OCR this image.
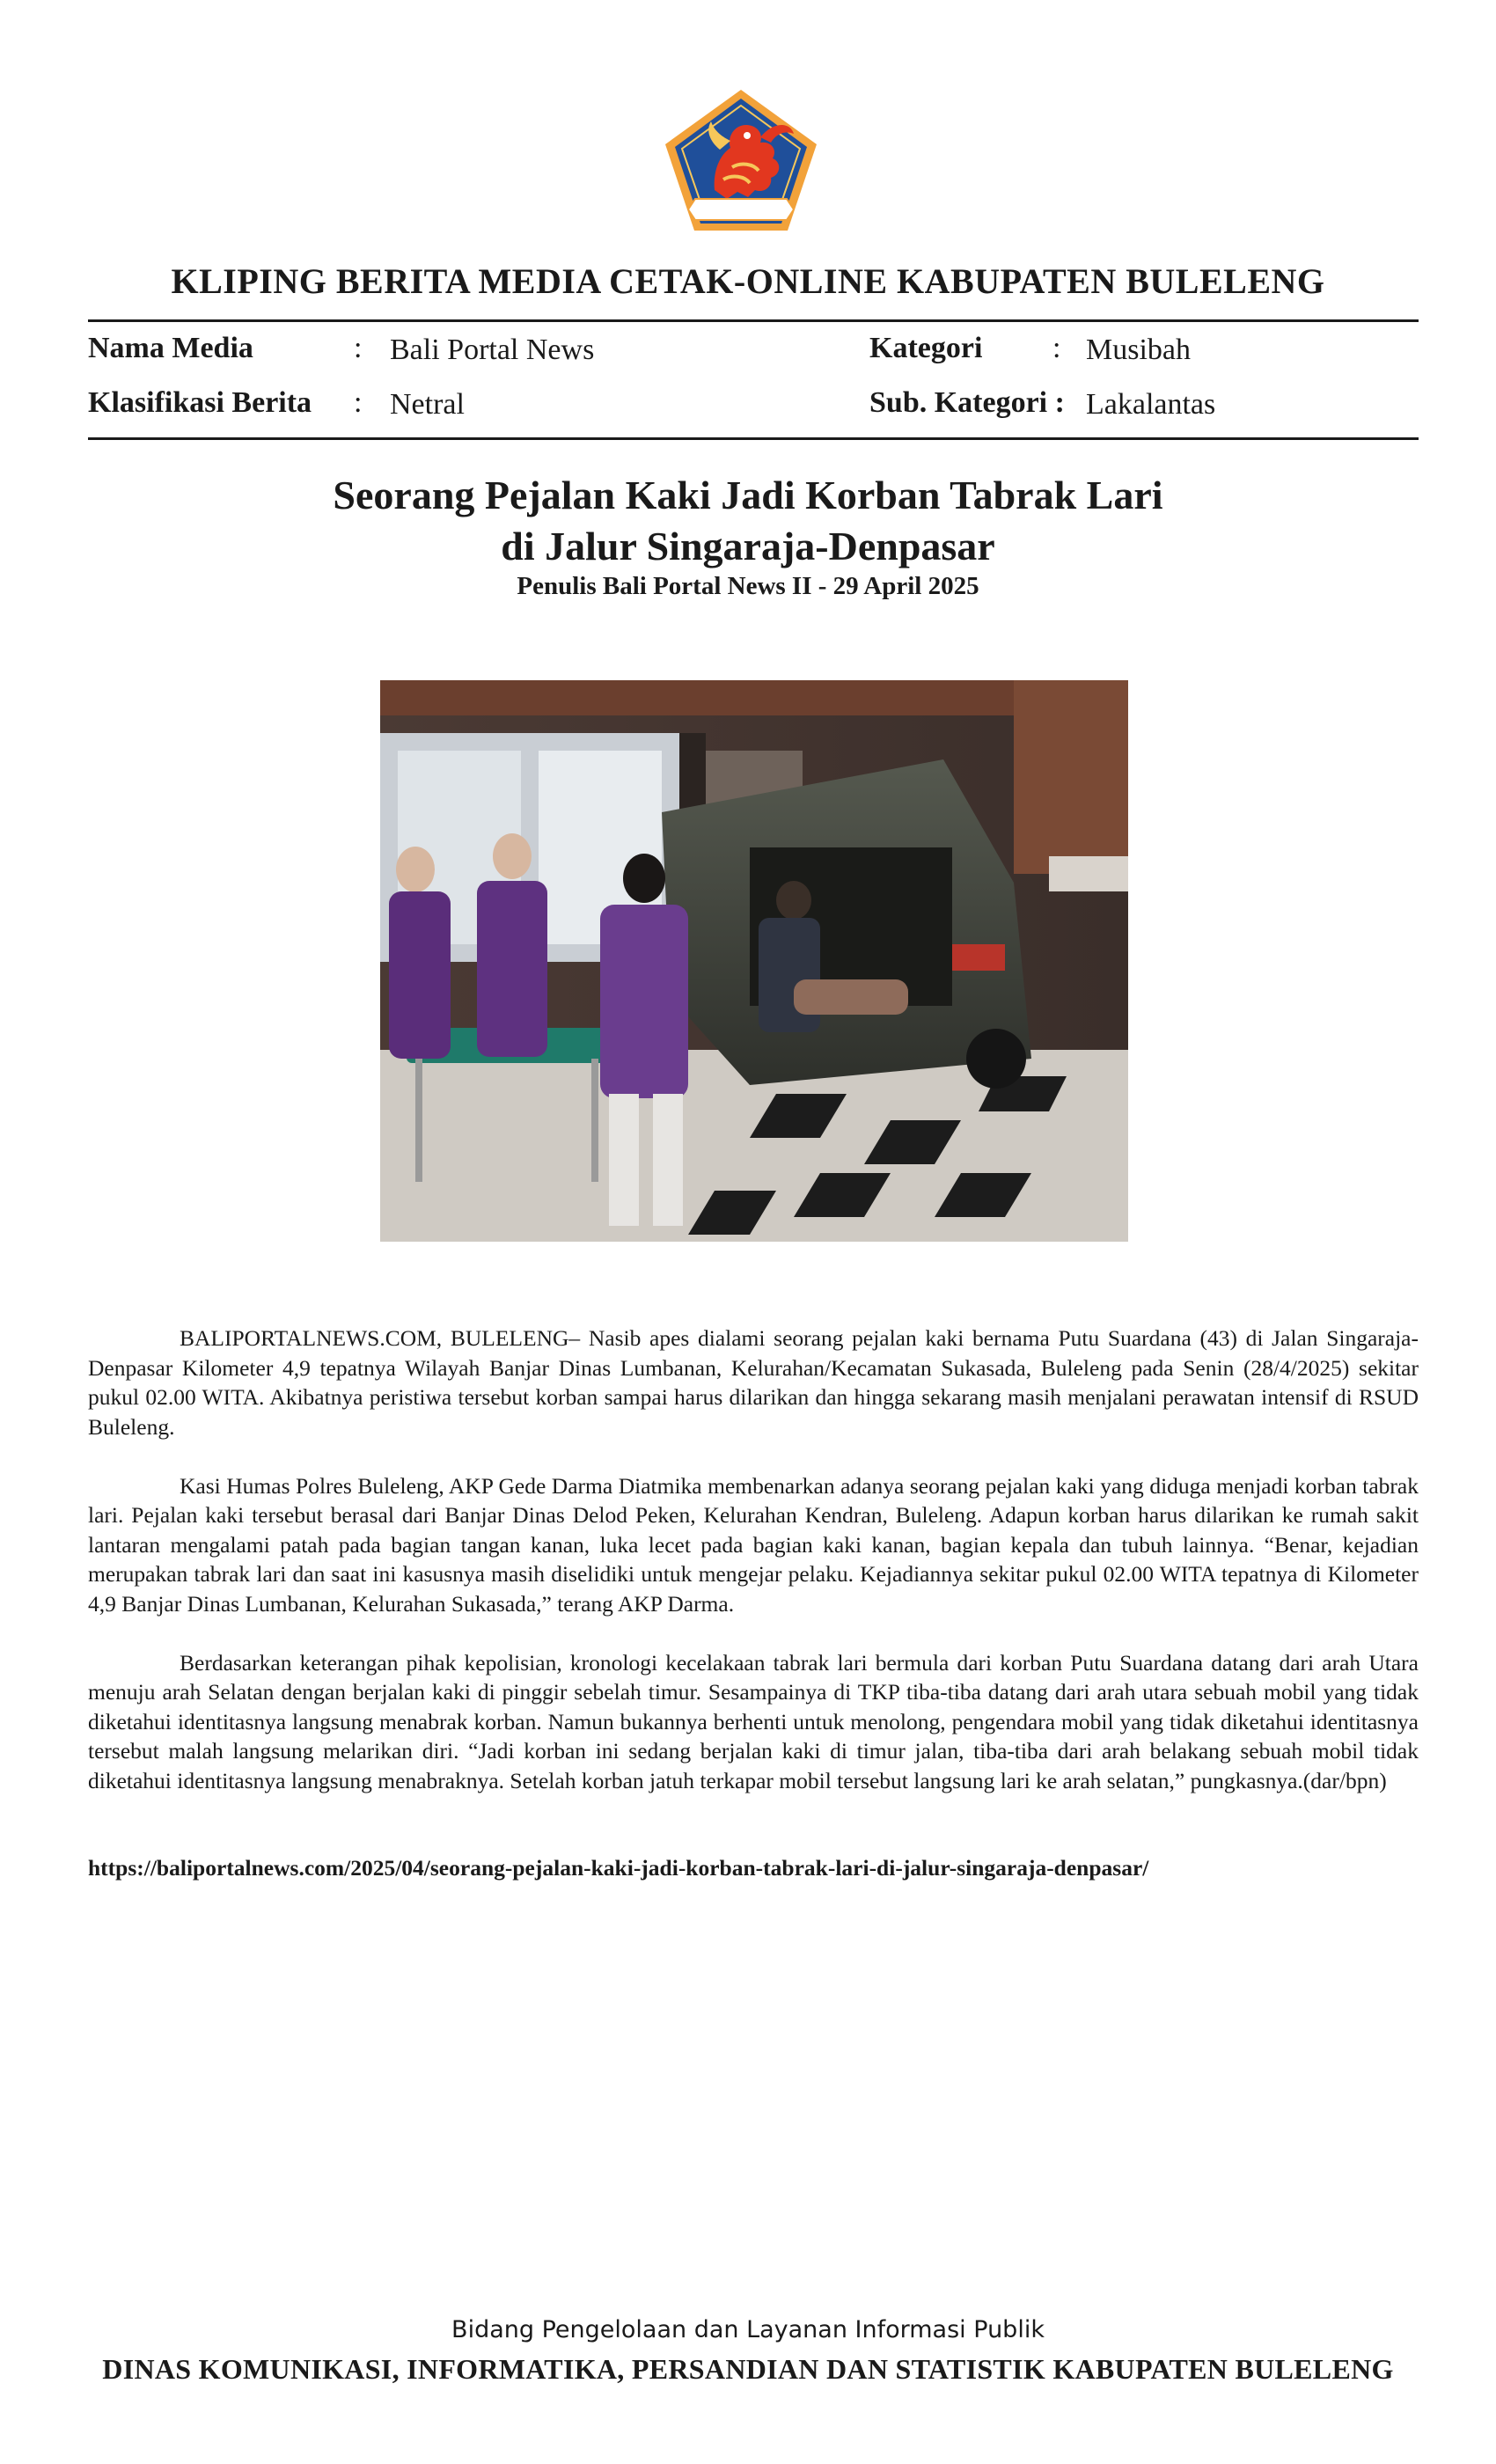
KLIPING BERITA MEDIA CETAK-ONLINE KABUPATEN BULELENG
Nama Media	: Bali Portal News	Kategori : Musibah
Klasifikasi Berita : Netral	Sub. Kategori : Lakalantas
Seorang Pejalan Kaki Jadi Korban Tabrak Lari
di Jalur Singaraja-Denpasar
Penulis Bali Portal News II - 29 April 2025

BALIPORTALNEWS.COM, BULELENG– Nasib apes dialami seorang pejalan kaki bernama Putu Suardana (43) di Jalan Singaraja-Denpasar Kilometer 4,9 tepatnya Wilayah Banjar Dinas Lumbanan, Kelurahan/Kecamatan Sukasada, Buleleng pada Senin (28/4/2025) sekitar pukul 02.00 WITA. Akibatnya peristiwa tersebut korban sampai harus dilarikan dan hingga sekarang masih menjalani perawatan intensif di RSUD Buleleng.

Kasi Humas Polres Buleleng, AKP Gede Darma Diatmika membenarkan adanya seorang pejalan kaki yang diduga menjadi korban tabrak lari. Pejalan kaki tersebut berasal dari Banjar Dinas Delod Peken, Kelurahan Kendran, Buleleng. Adapun korban harus dilarikan ke rumah sakit lantaran mengalami patah pada bagian tangan kanan, luka lecet pada bagian kaki kanan, bagian kepala dan tubuh lainnya. “Benar, kejadian merupakan tabrak lari dan saat ini kasusnya masih diselidiki untuk mengejar pelaku. Kejadiannya sekitar pukul 02.00 WITA tepatnya di Kilometer 4,9 Banjar Dinas Lumbanan, Kelurahan Sukasada,” terang AKP Darma.

Berdasarkan keterangan pihak kepolisian, kronologi kecelakaan tabrak lari bermula dari korban Putu Suardana datang dari arah Utara menuju arah Selatan dengan berjalan kaki di pinggir sebelah timur. Sesampainya di TKP tiba-tiba datang dari arah utara sebuah mobil yang tidak diketahui identitasnya langsung menabrak korban. Namun bukannya berhenti untuk menolong, pengendara mobil yang tidak diketahui identitasnya tersebut malah langsung melarikan diri. “Jadi korban ini sedang berjalan kaki di timur jalan, tiba-tiba dari arah belakang sebuah mobil tidak diketahui identitasnya langsung menabraknya. Setelah korban jatuh terkapar mobil tersebut langsung lari ke arah selatan,” pungkasnya.(dar/bpn)

https://baliportalnews.com/2025/04/seorang-pejalan-kaki-jadi-korban-tabrak-lari-di-jalur-singaraja-denpasar/
Bidang Pengelolaan dan Layanan Informasi Publik
DINAS KOMUNIKASI, INFORMATIKA, PERSANDIAN DAN STATISTIK KABUPATEN BULELENG
